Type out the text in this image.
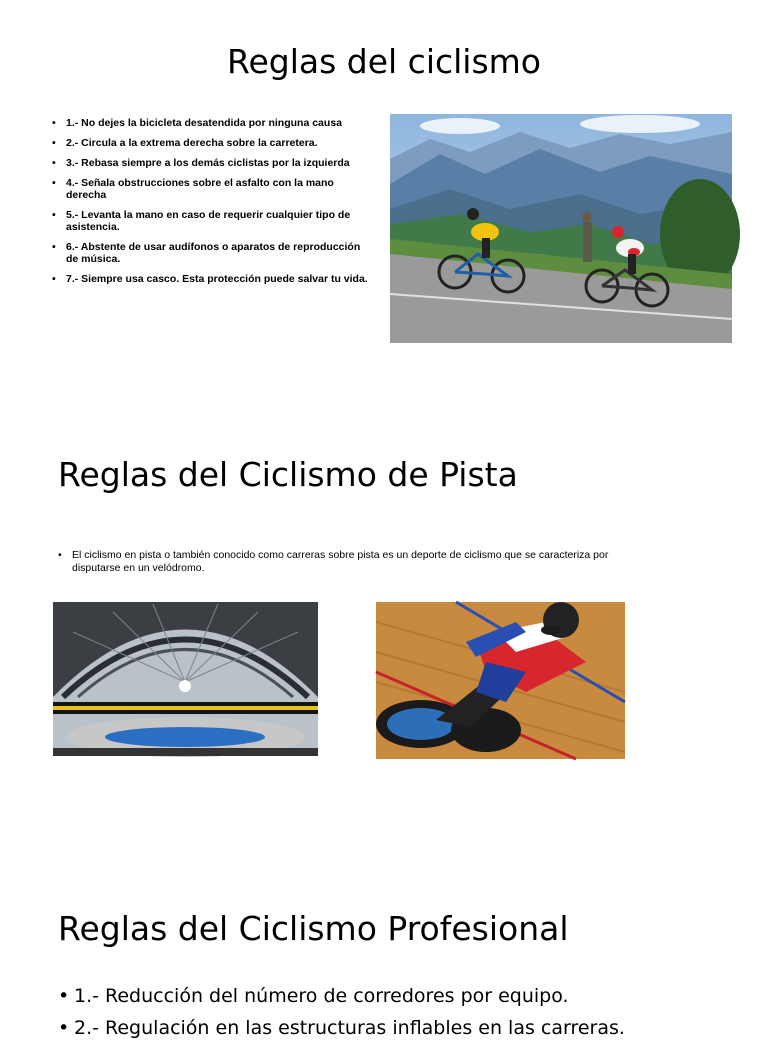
Reglas del ciclismo
• 1.- No dejes la bicicleta desatendida por ninguna causa
• 2.- Circula a la extrema derecha sobre la carretera.
• 3.- Rebasa siempre a los demás ciclistas por la izquierda
• 4.- Señala obstrucciones sobre el asfalto con la mano derecha
• 5.- Levanta la mano en caso de requerir cualquier tipo de asistencia.
• 6.- Abstente de usar audífonos o aparatos de reproducción de música.
• 7.- Siempre usa casco. Esta protección puede salvar tu vida.
Reglas del Ciclismo de Pista
• El ciclismo en pista o también conocido como carreras sobre pista es un deporte de ciclismo que se caracteriza por disputarse en un velódromo.
Reglas del Ciclismo Profesional
• 1.- Reducción del número de corredores por equipo.
• 2.- Regulación en las estructuras inflables en las carreras.
